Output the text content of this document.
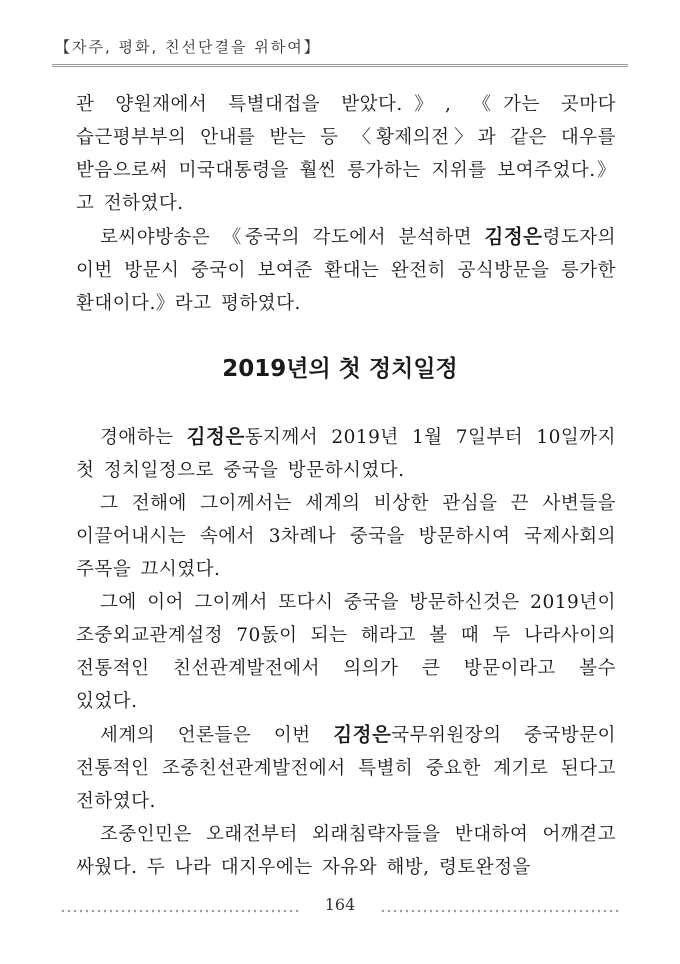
【자주, 평화, 친선단결을 위하여】

관 양원재에서 특별대접을 받았다.》, 《가는 곳마다 습근평부부의 안내를 받는 등 〈황제의전〉과 같은 대우를 받음으로써 미국대통령을 훨씬 릉가하는 지위를 보여주었다.》고 전하였다.

로씨야방송은 《중국의 각도에서 분석하면 김정은령도자의 이번 방문시 중국이 보여준 환대는 완전히 공식방문을 릉가한 환대이다.》라고 평하였다.

2019년의 첫 정치일정

경애하는 김정은동지께서 2019년 1월 7일부터 10일까지 첫 정치일정으로 중국을 방문하시였다.

그 전해에 그이께서는 세계의 비상한 관심을 끈 사변들을 이끌어내시는 속에서 3차례나 중국을 방문하시여 국제사회의 주목을 끄시였다.

그에 이어 그이께서 또다시 중국을 방문하신것은 2019년이 조중외교관계설정 70돐이 되는 해라고 볼 때 두 나라사이의 전통적인 친선관계발전에서 의의가 큰 방문이라고 볼수 있었다.

세계의 언론들은 이번 김정은국무위원장의 중국방문이 전통적인 조중친선관계발전에서 특별히 중요한 계기로 된다고 전하였다.

조중인민은 오래전부터 외래침략자들을 반대하여 어깨겯고 싸웠다. 두 나라 대지우에는 자유와 해방, 령토완정을

164
